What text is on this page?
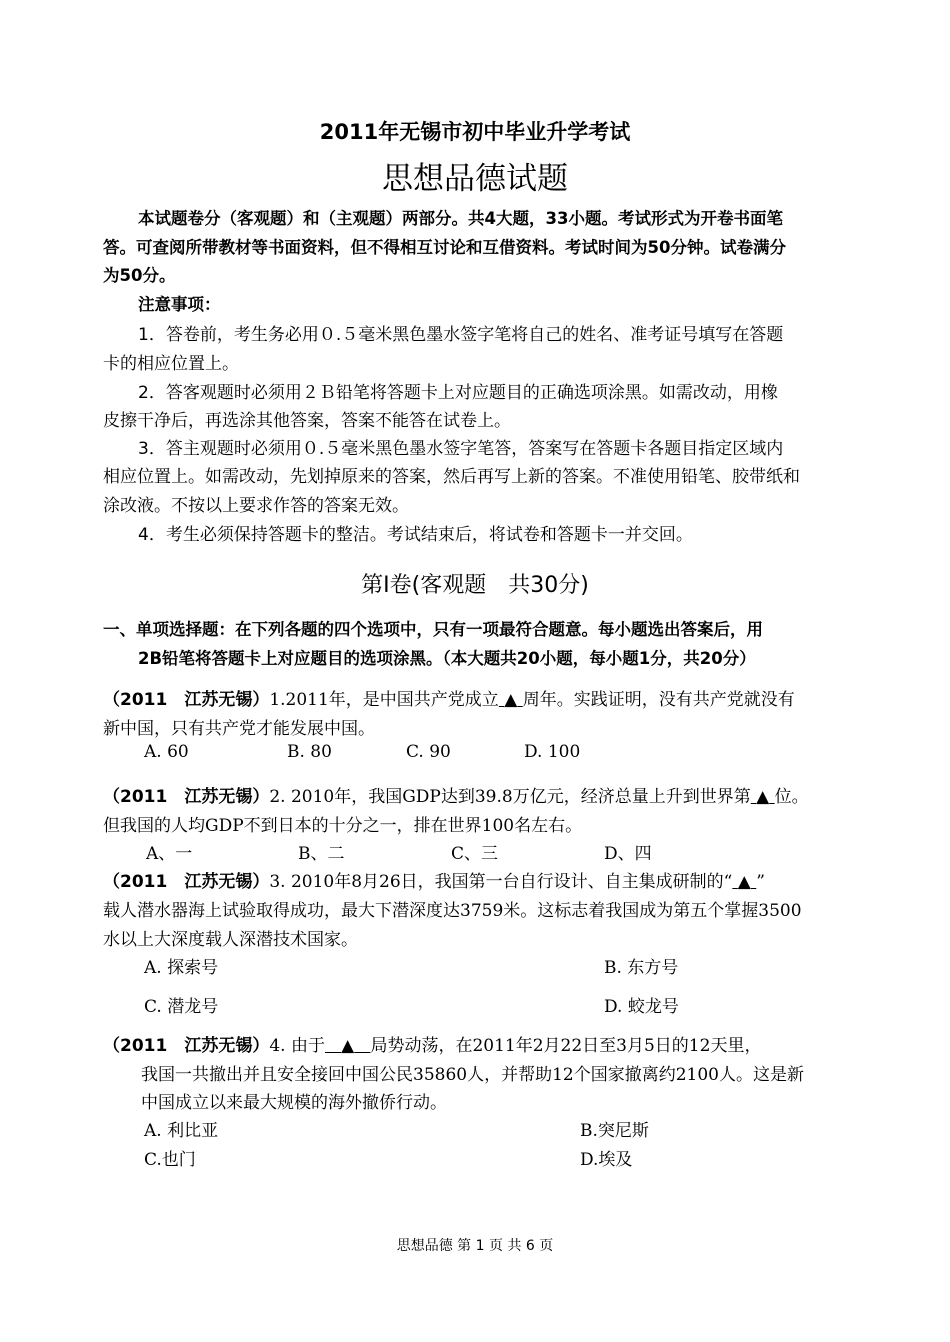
2011年无锡市初中毕业升学考试
思想品德试题
本试题卷分（客观题）和（主观题）两部分。共4大题，33小题。考试形式为开卷书面笔
答。可查阅所带教材等书面资料，但不得相互讨论和互借资料。考试时间为50分钟。试卷满分
为50分。
注意事项：
1．答卷前，考生务必用０.５毫米黑色墨水签字笔将自己的姓名、准考证号填写在答题
卡的相应位置上。
2．答客观题时必须用２Ｂ铅笔将答题卡上对应题目的正确选项涂黑。如需改动，用橡
皮擦干净后，再选涂其他答案，答案不能答在试卷上。
3．答主观题时必须用０.５毫米黑色墨水签字笔答，答案写在答题卡各题目指定区域内
相应位置上。如需改动，先划掉原来的答案，然后再写上新的答案。不准使用铅笔、胶带纸和
涂改液。不按以上要求作答的答案无效。
4．考生必须保持答题卡的整洁。考试结束后，将试卷和答题卡一并交回。
第Ⅰ卷(客观题　共30分)
一、单项选择题：在下列各题的四个选项中，只有一项最符合题意。每小题选出答案后，用
2B铅笔将答题卡上对应题目的选项涂黑。（本大题共20小题，每小题1分，共20分）
（2011　江苏无锡）1.2011年，是中国共产党成立 ▲ 周年。实践证明，没有共产党就没有
新中国，只有共产党才能发展中国。
A. 60	B. 80	C. 90	D. 100
（2011　江苏无锡）2. 2010年，我国GDP达到39.8万亿元，经济总量上升到世界第 ▲ 位。
但我国的人均GDP不到日本的十分之一，排在世界100名左右。
A、一	B、二	C、三	D、四
（2011　江苏无锡）3. 2010年8月26日，我国第一台自行设计、自主集成研制的“ ▲ ”
载人潜水器海上试验取得成功，最大下潜深度达3759米。这标志着我国成为第五个掌握3500
水以上大深度载人深潜技术国家。
A. 探索号	B. 东方号
C. 潜龙号	D. 蛟龙号
（2011　江苏无锡）4. 由于 ▲ 局势动荡，在2011年2月22日至3月5日的12天里，
我国一共撤出并且安全接回中国公民35860人，并帮助12个国家撤离约2100人。这是新
中国成立以来最大规模的海外撤侨行动。
A. 利比亚	B.突尼斯
C.也门	D.埃及
思想品德 第 1 页 共 6 页
